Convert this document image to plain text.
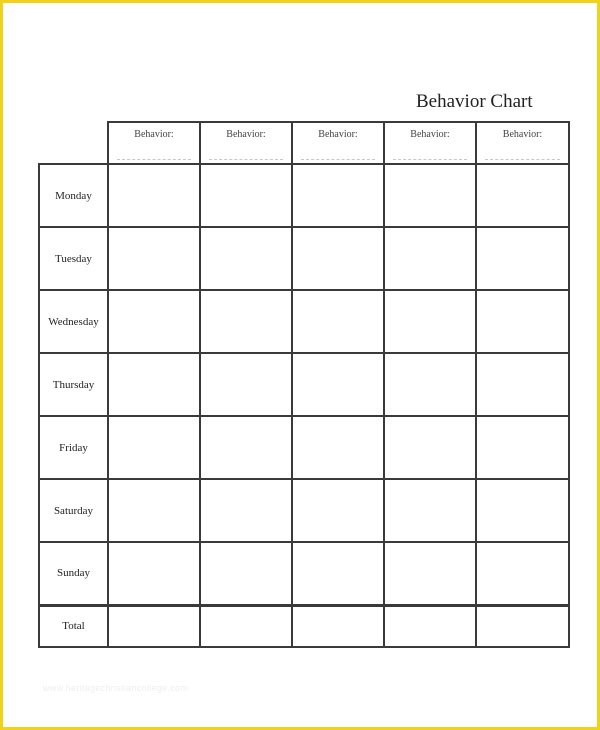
Behavior Chart
	Behavior:	Behavior:	Behavior:	Behavior:	Behavior:

Monday					
Tuesday					
Wednesday					
Thursday					
Friday					
Saturday					
Sunday					
Total					
www.heritagechristiancollege.com
